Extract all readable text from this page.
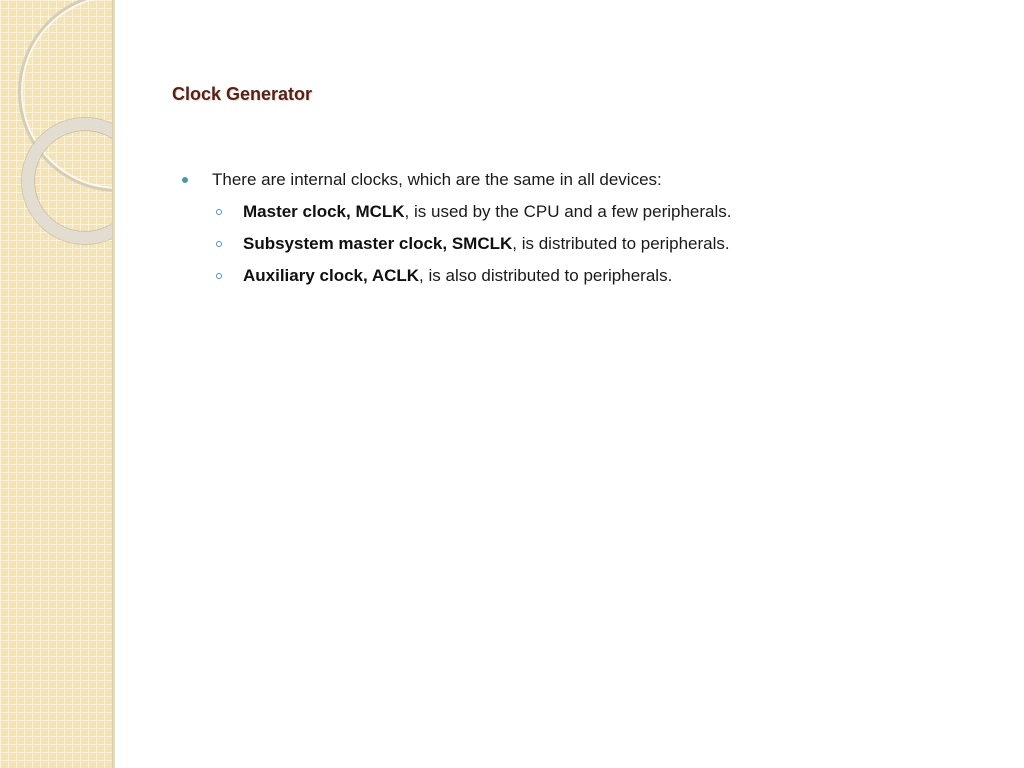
Clock Generator
There are internal clocks, which are the same in all devices:
Master clock, MCLK, is used by the CPU and a few peripherals.
Subsystem master clock, SMCLK, is distributed to peripherals.
Auxiliary clock, ACLK, is also distributed to peripherals.
